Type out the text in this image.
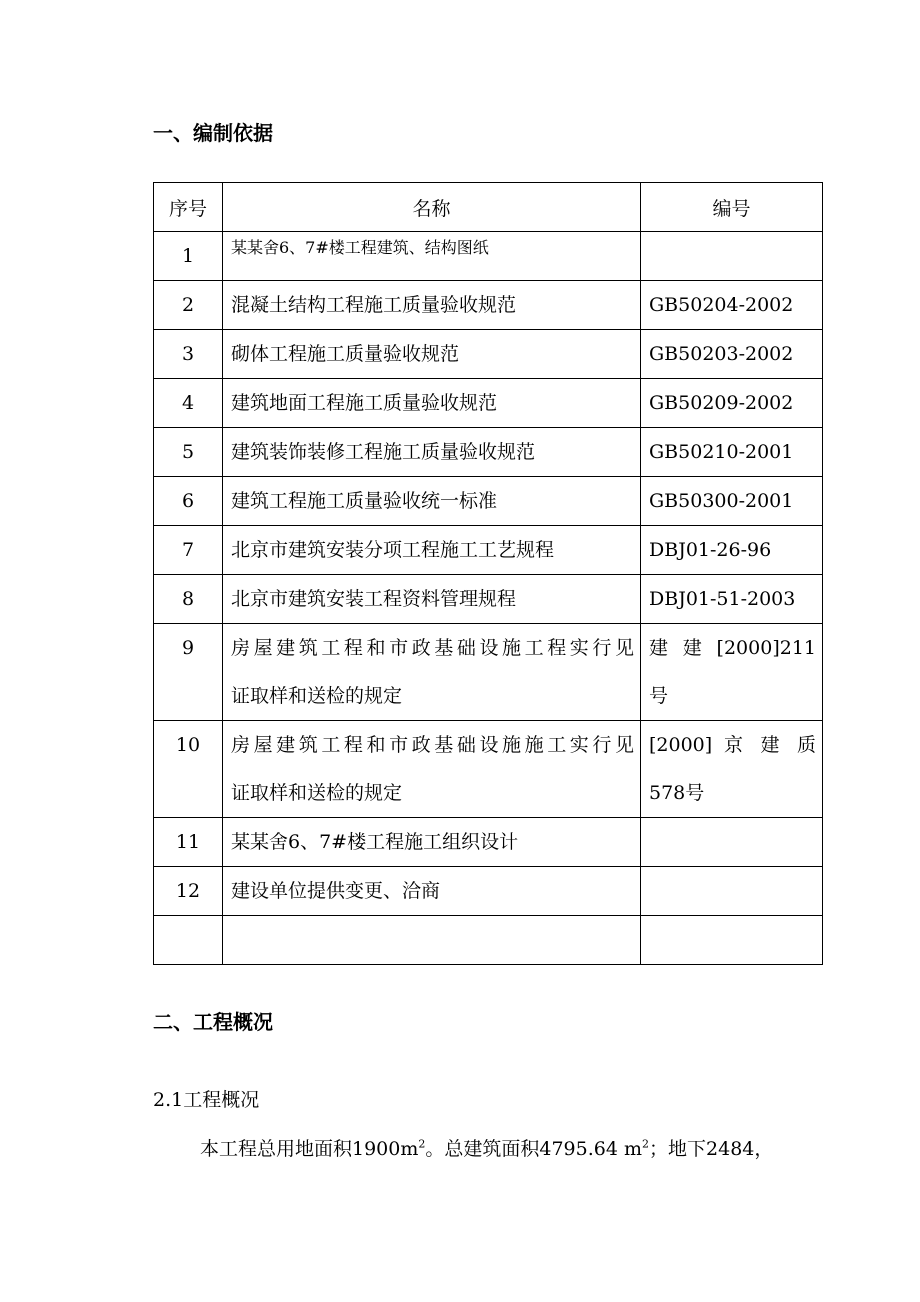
一、编制依据
序号	名称	编号
1	某某舍6、7#楼工程建筑、结构图纸	
2	混凝土结构工程施工质量验收规范	GB50204-2002
3	砌体工程施工质量验收规范	GB50203-2002
4	建筑地面工程施工质量验收规范	GB50209-2002
5	建筑装饰装修工程施工质量验收规范	GB50210-2001
6	建筑工程施工质量验收统一标准	GB50300-2001
7	北京市建筑安装分项工程施工工艺规程	DBJ01-26-96
8	北京市建筑安装工程资料管理规程	DBJ01-51-2003
9	房屋建筑工程和市政基础设施工程实行见
证取样和送检的规定	建 建 [2000]211
号

10	房屋建筑工程和市政基础设施施工实行见
证取样和送检的规定	[2000] 京 建 质
578号

11	某某舍6、7#楼工程施工组织设计	
12	建设单位提供变更、洽商	

二、工程概况

2.1工程概况

本工程总用地面积$1900m^2$。总建筑面积4795.64 $m^2$；地下2484，
